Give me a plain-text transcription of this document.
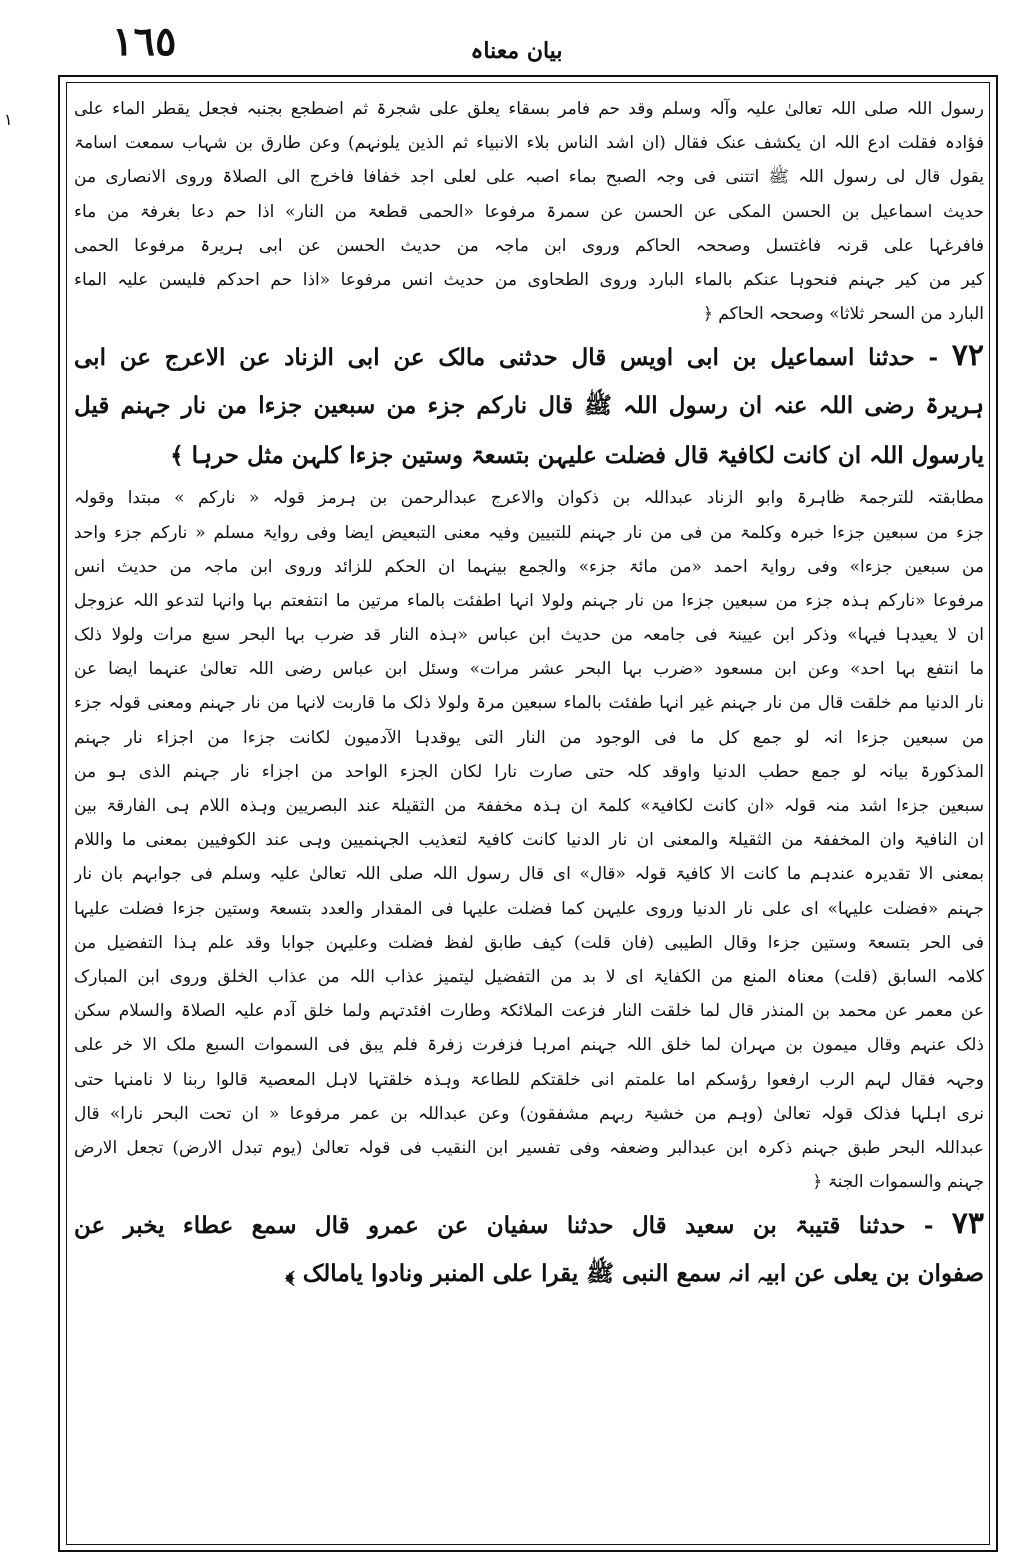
١٦٥	بیان معناہ
١
رسول اللہ صلی اللہ تعالیٰ علیہ وآلہ وسلم وقد حم فامر بسقاء یعلق علی شجرۃ ثم اضطجع بجنبہ فجعل یقطر الماء علی
فؤادہ فقلت ادع اللہ ان یکشف عنک فقال (ان اشد الناس بلاء الانبیاء ثم الذین یلونہم) وعن طارق بن شہاب سمعت اسامۃ
یقول قال لی رسول اللہ ﷺ اتتنی فی وجہ الصبح بماء اصبہ علی لعلی اجد خفافا فاخرج الی الصلاۃ وروی الانصاری من
حدیث اسماعیل بن الحسن المکی عن الحسن عن سمرۃ مرفوعا «الحمی قطعۃ من النار» اذا حم دعا بغرفۃ من ماء
فافرغہا علی قرنہ فاغتسل وصححہ الحاکم وروی ابن ماجہ من حدیث الحسن عن ابی ہریرۃ مرفوعا الحمی
کیر من کیر جہنم فنحوہا عنکم بالماء البارد وروی الطحاوی من حدیث انس مرفوعا «اذا حم احدکم فلیسن علیہ الماء
البارد من السحر ثلاثا» وصححہ الحاکم ﴿
٧٢ - حدثنا اسماعیل بن ابی اویس قال حدثنی مالک عن ابی الزناد عن الاعرج عن ابی
ہریرۃ رضی اللہ عنہ ان رسول اللہ ﷺ قال نارکم جزء من سبعین جزءا من نار جہنم قیل
یارسول اللہ ان کانت لکافیۃ قال فضلت علیہن بتسعۃ وستین جزءا کلہن مثل حرہا ﴾
مطابقتہ للترجمۃ ظاہرۃ وابو الزناد عبداللہ بن ذکوان والاعرج عبدالرحمن بن ہرمز قولہ « نارکم » مبتدا وقولہ
جزء من سبعین جزءا خبرہ وکلمۃ من فی من نار جہنم للتبیین وفیہ معنی التبعیض ایضا وفی روایۃ مسلم « نارکم جزء واحد
من سبعین جزءا» وفی روایۃ احمد «من مائۃ جزء» والجمع بینہما ان الحکم للزائد وروی ابن ماجہ من حدیث انس
مرفوعا «نارکم ہذہ جزء من سبعین جزءا من نار جہنم ولولا انہا اطفئت بالماء مرتین ما انتفعتم بہا وانہا لتدعو اللہ عزوجل
ان لا یعیدہا فیہا» وذکر ابن عیینۃ فی جامعہ من حدیث ابن عباس «ہذہ النار قد ضرب بہا البحر سبع مرات ولولا ذلک
ما انتفع بہا احد» وعن ابن مسعود «ضرب بہا البحر عشر مرات» وسئل ابن عباس رضی اللہ تعالیٰ عنہما ایضا عن
نار الدنیا مم خلقت قال من نار جہنم غیر انہا طفئت بالماء سبعین مرۃ ولولا ذلک ما قاربت لانہا من نار جہنم ومعنی قولہ جزء
من سبعین جزءا انہ لو جمع کل ما فی الوجود من النار التی یوقدہا الآدمیون لکانت جزءا من اجزاء نار جہنم
المذکورۃ بیانہ لو جمع حطب الدنیا واوقد کلہ حتی صارت نارا لکان الجزء الواحد من اجزاء نار جہنم الذی ہو من
سبعین جزءا اشد منہ قولہ «ان کانت لکافیۃ» کلمۃ ان ہذہ مخففۃ من الثقیلۃ عند البصریین وہذہ اللام ہی الفارقۃ بین
ان النافیۃ وان المخففۃ من الثقیلۃ والمعنی ان نار الدنیا کانت کافیۃ لتعذیب الجہنمیین وہی عند الکوفیین بمعنی ما واللام
بمعنی الا تقدیرہ عندہم ما کانت الا کافیۃ قولہ «قال» ای قال رسول اللہ صلی اللہ تعالیٰ علیہ وسلم فی جوابہم بان نار
جہنم «فضلت علیہا» ای علی نار الدنیا وروی علیہن کما فضلت علیہا فی المقدار والعدد بتسعۃ وستین جزءا فضلت علیہا
فی الحر بتسعۃ وستین جزءا وقال الطیبی (فان قلت) کیف طابق لفظ فضلت وعلیہن جوابا وقد علم ہذا التفضیل من
کلامہ السابق (قلت) معناہ المنع من الکفایۃ ای لا بد من التفضیل لیتمیز عذاب اللہ من عذاب الخلق وروی ابن المبارک
عن معمر عن محمد بن المنذر قال لما خلقت النار فزعت الملائکۃ وطارت افئدتہم ولما خلق آدم علیہ الصلاۃ والسلام سکن
ذلک عنہم وقال میمون بن مہران لما خلق اللہ جہنم امرہا فزفرت زفرۃ فلم یبق فی السموات السبع ملک الا خر علی
وجہہ فقال لہم الرب ارفعوا رؤسکم اما علمتم انی خلقتکم للطاعۃ وہذہ خلقتہا لاہل المعصیۃ قالوا ربنا لا نامنہا حتی
نری اہلہا فذلک قولہ تعالیٰ (وہم من خشیۃ ربہم مشفقون) وعن عبداللہ بن عمر مرفوعا « ان تحت البحر نارا» قال
عبداللہ البحر طبق جہنم ذکرہ ابن عبدالبر وضعفہ وفی تفسیر ابن النقیب فی قولہ تعالیٰ (یوم تبدل الارض) تجعل الارض
جہنم والسموات الجنۃ ﴿
٧٣ - حدثنا قتیبۃ بن سعید قال حدثنا سفیان عن عمرو قال سمع عطاء یخبر عن
صفوان بن یعلی عن ابیہ انہ سمع النبی ﷺ یقرا علی المنبر ونادوا یامالک ﴾
